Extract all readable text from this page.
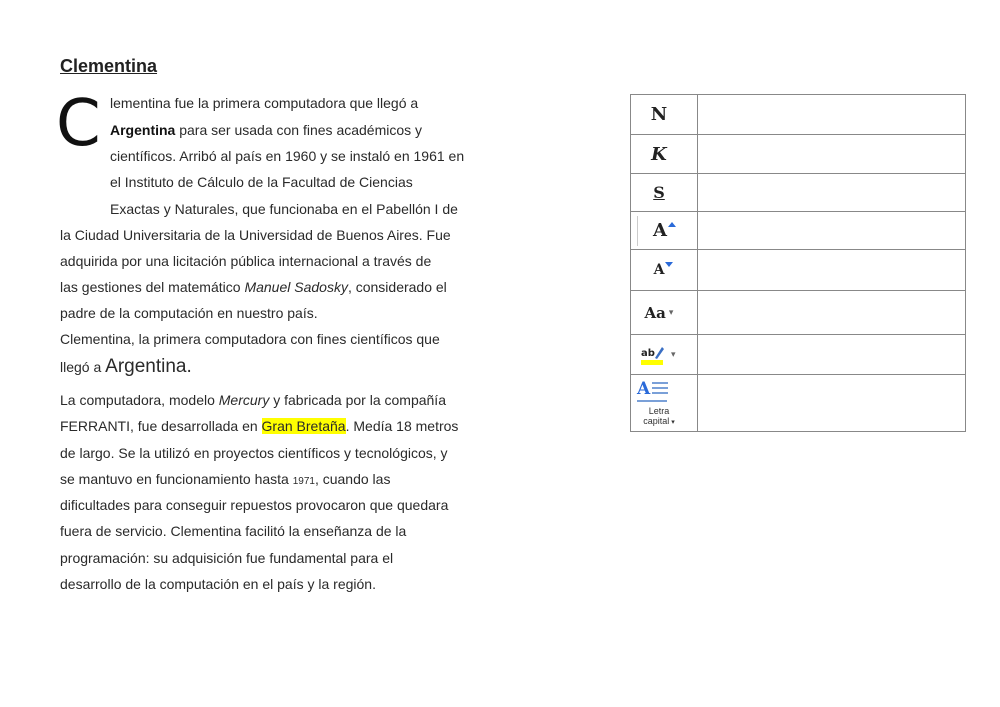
Clementina
C lementina fue la primera computadora que llegó a
Argentina para ser usada con fines académicos y
científicos. Arribó al país en 1960 y se instaló en 1961 en
el Instituto de Cálculo de la Facultad de Ciencias
Exactas y Naturales, que funcionaba en el Pabellón I de
la Ciudad Universitaria de la Universidad de Buenos Aires. Fue
adquirida por una licitación pública internacional a través de
las gestiones del matemático Manuel Sadosky, considerado el
padre de la computación en nuestro país.
Clementina, la primera computadora con fines científicos que
llegó a Argentina.
La computadora, modelo Mercury y fabricada por la compañía
FERRANTI, fue desarrollada en Gran Bretaña. Medía 18 metros
de largo. Se la utilizó en proyectos científicos y tecnológicos, y
se mantuvo en funcionamiento hasta 1971, cuando las
dificultades para conseguir repuestos provocaron que quedara
fuera de servicio. Clementina facilitó la enseñanza de la
programación: su adquisición fue fundamental para el
desarrollo de la computación en el país y la región.
N	

K	

S	

A	

A	

Aa ▾	

ab ▾	

A
Letra
capital ▾	
